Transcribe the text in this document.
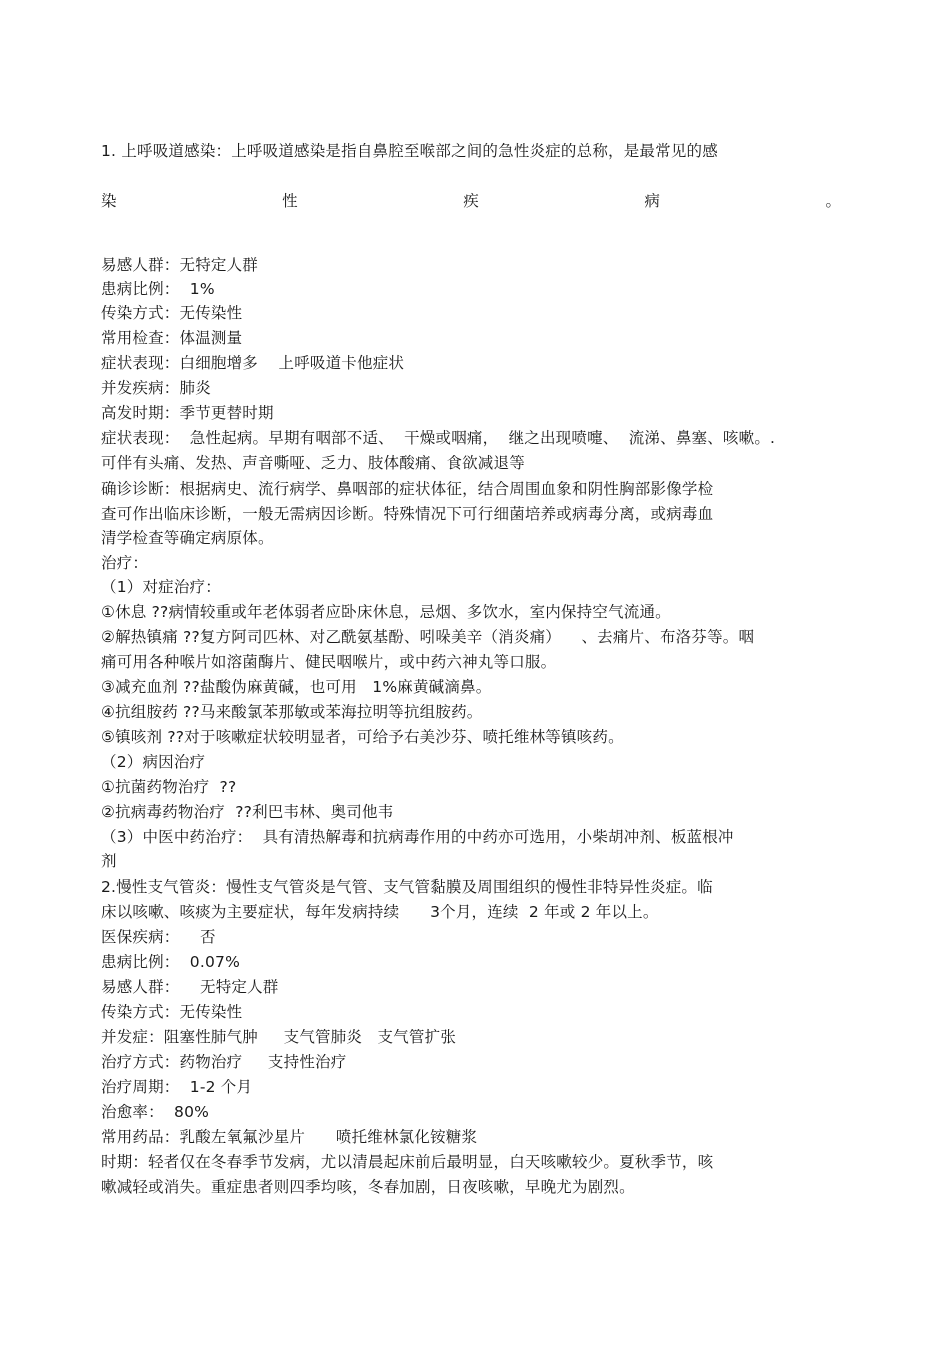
1. 上呼吸道感染：上呼吸道感染是指自鼻腔至喉部之间的急性炎症的总称，是最常见的感

染	性	疾	病	。

易感人群：无特定人群

患病比例：  1%

传染方式：无传染性

常用检查：体温测量

症状表现：白细胞增多    上呼吸道卡他症状

并发疾病：肺炎

高发时期：季节更替时期

症状表现：  急性起病。早期有咽部不适、  干燥或咽痛，  继之出现喷嚏、  流涕、鼻塞、咳嗽。.

可伴有头痛、发热、声音嘶哑、乏力、肢体酸痛、食欲减退等

确诊诊断：根据病史、流行病学、鼻咽部的症状体征，结合周围血象和阴性胸部影像学检

查可作出临床诊断，一般无需病因诊断。特殊情况下可行细菌培养或病毒分离，或病毒血

清学检查等确定病原体。

治疗：

（1）对症治疗：

①休息 ??病情较重或年老体弱者应卧床休息，忌烟、多饮水，室内保持空气流通。

②解热镇痛 ??复方阿司匹林、对乙酰氨基酚、吲哚美辛（消炎痛）    、去痛片、布洛芬等。咽

痛可用各种喉片如溶菌酶片、健民咽喉片，或中药六神丸等口服。

③减充血剂 ??盐酸伪麻黄碱，也可用   1%麻黄碱滴鼻。

④抗组胺药 ??马来酸氯苯那敏或苯海拉明等抗组胺药。

⑤镇咳剂 ??对于咳嗽症状较明显者，可给予右美沙芬、喷托维林等镇咳药。

（2）病因治疗

①抗菌药物治疗  ??

②抗病毒药物治疗  ??利巴韦林、奥司他韦

（3）中医中药治疗：  具有清热解毒和抗病毒作用的中药亦可选用，小柴胡冲剂、板蓝根冲

剂

2.慢性支气管炎：慢性支气管炎是气管、支气管黏膜及周围组织的慢性非特异性炎症。临

床以咳嗽、咳痰为主要症状，每年发病持续      3个月，连续  2 年或 2 年以上。

医保疾病：    否

患病比例：  0.07%

易感人群：    无特定人群

传染方式：无传染性

并发症：阻塞性肺气肿     支气管肺炎   支气管扩张

治疗方式：药物治疗     支持性治疗

治疗周期：  1-2 个月

治愈率：  80%

常用药品：乳酸左氧氟沙星片      喷托维林氯化铵糖浆

时期：轻者仅在冬春季节发病，尤以清晨起床前后最明显，白天咳嗽较少。夏秋季节，咳

嗽减轻或消失。重症患者则四季均咳，冬春加剧，日夜咳嗽，早晚尤为剧烈。
